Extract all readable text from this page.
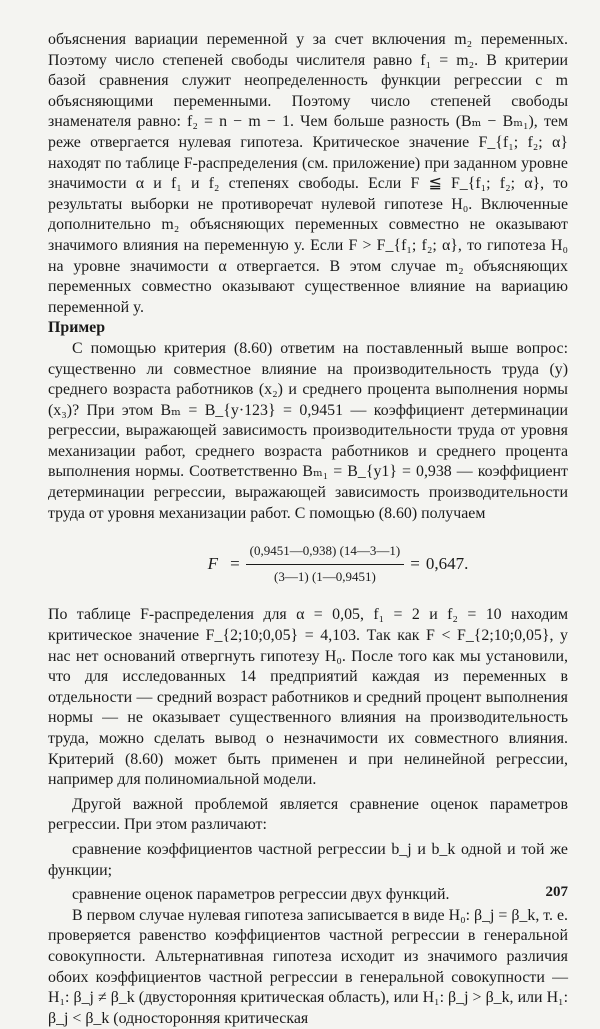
объяснения вариации переменной y за счет включения m₂ переменных. Поэтому число степеней свободы числителя равно f₁ = m₂. В критерии базой сравнения служит неопределенность функции регрессии с m объясняющими переменными. Поэтому число степеней свободы знаменателя равно: f₂ = n − m − 1. Чем больше разность (Bₘ − Bₘ₁), тем реже отвергается нулевая гипотеза. Критическое значение F_{f₁; f₂; α} находят по таблице F-распределения (см. приложение) при заданном уровне значимости α и f₁ и f₂ степенях свободы. Если F ≦ F_{f₁; f₂; α}, то результаты выборки не противоречат нулевой гипотезе H₀. Включенные дополнительно m₂ объясняющих переменных совместно не оказывают значимого влияния на переменную y. Если F > F_{f₁; f₂; α}, то гипотеза H₀ на уровне значимости α отвергается. В этом случае m₂ объясняющих переменных совместно оказывают существенное влияние на вариацию переменной y.

Пример

С помощью критерия (8.60) ответим на поставленный выше вопрос: существенно ли совместное влияние на производительность труда (y) среднего возраста работников (x₂) и среднего процента выполнения нормы (x₃)? При этом Bₘ = B_{y·123} = 0,9451 — коэффициент детерминации регрессии, выражающей зависимость производительности труда от уровня механизации работ, среднего возраста работников и среднего процента выполнения нормы. Соответственно Bₘ₁ = B_{y1} = 0,938 — коэффициент детерминации регрессии, выражающей зависимость производительности труда от уровня механизации работ. С помощью (8.60) получаем

$F = \frac{(0,9451—0,938) (14—3—1)}{(3—1) (1—0,9451)} = 0,647$.

По таблице F-распределения для α = 0,05, f₁ = 2 и f₂ = 10 находим критическое значение F_{2;10;0,05} = 4,103. Так как F < F_{2;10;0,05}, у нас нет оснований отвергнуть гипотезу H₀. После того как мы установили, что для исследованных 14 предприятий каждая из переменных в отдельности — средний возраст работников и средний процент выполнения нормы — не оказывает существенного влияния на производительность труда, можно сделать вывод о незначимости их совместного влияния. Критерий (8.60) может быть применен и при нелинейной регрессии, например для полиномиальной модели.

Другой важной проблемой является сравнение оценок параметров регрессии. При этом различают:

сравнение коэффициентов частной регрессии b_j и b_k одной и той же функции;

сравнение оценок параметров регрессии двух функций.

В первом случае нулевая гипотеза записывается в виде H₀: β_j = β_k, т. е. проверяется равенство коэффициентов частной регрессии в генеральной совокупности. Альтернативная гипотеза исходит из значимого различия обоих коэффициентов частной регрессии в генеральной совокупности — H₁: β_j ≠ β_k (двусторонняя критическая область), или H₁: β_j > β_k, или H₁: β_j < β_k (односторонняя критическая

207
